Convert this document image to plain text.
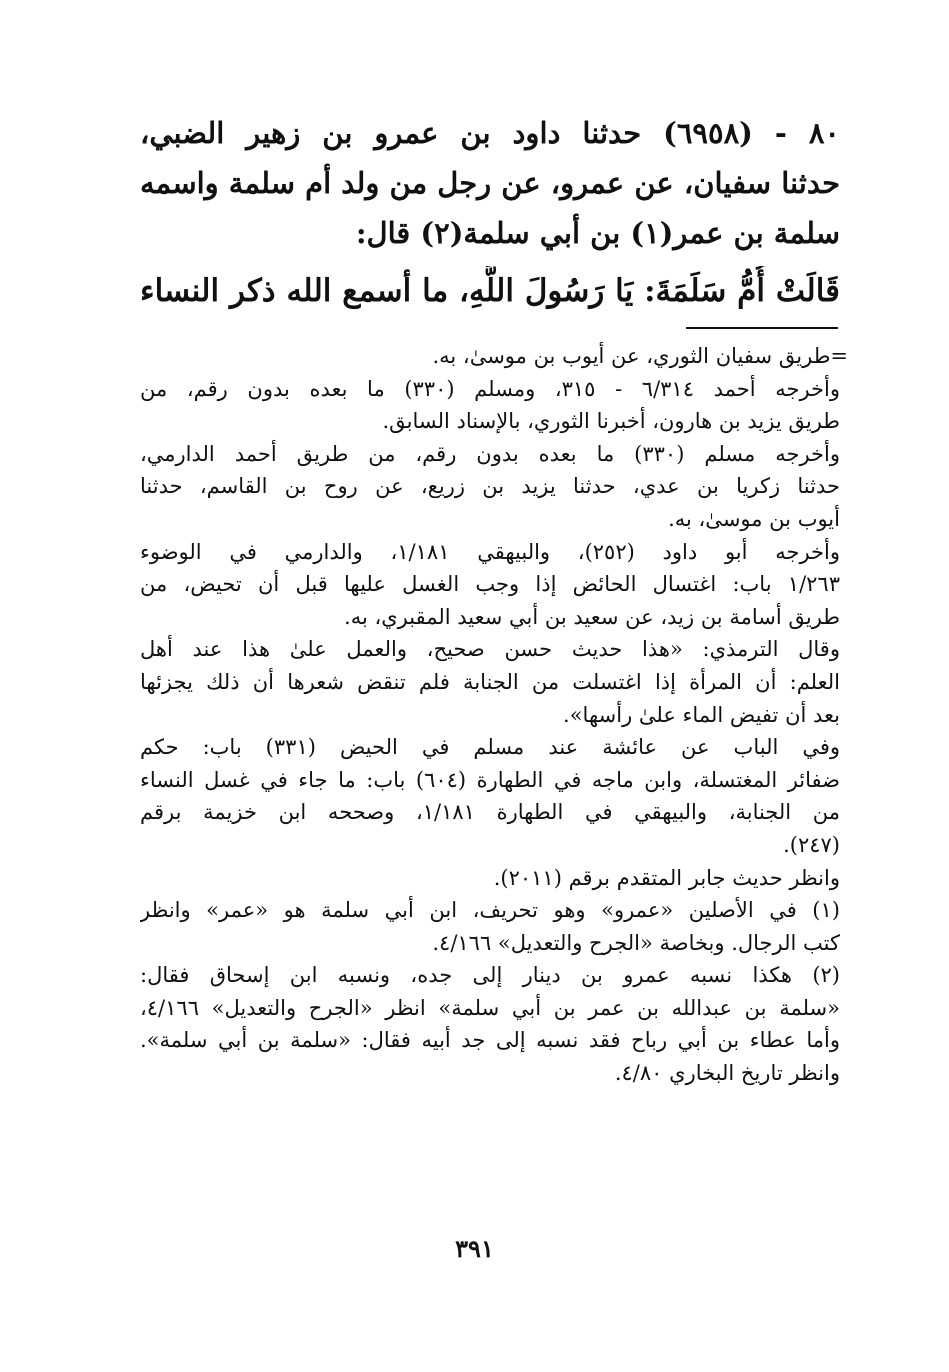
٨٠ - (٦٩٥٨) حدثنا داود بن عمرو بن زهير الضبي،
حدثنا سفيان، عن عمرو، عن رجل من ولد أم سلمة واسمه
سلمة بن عمر(١) بن أبي سلمة(٢) قال:
قَالَتْ أُمُّ سَلَمَةَ: يَا رَسُولَ اللَّهِ، ما أسمع الله ذكر النساء
=طريق سفيان الثوري، عن أيوب بن موسىٰ، به.
وأخرجه أحمد ٦/٣١٤ - ٣١٥، ومسلم (٣٣٠) ما بعده بدون رقم، من
طريق يزيد بن هارون، أخبرنا الثوري، بالإسناد السابق.
وأخرجه مسلم (٣٣٠) ما بعده بدون رقم، من طريق أحمد الدارمي،
حدثنا زكريا بن عدي، حدثنا يزيد بن زريع، عن روح بن القاسم، حدثنا
أيوب بن موسىٰ، به.
وأخرجه أبو داود (٢٥٢)، والبيهقي ١/١٨١، والدارمي في الوضوء
١/٢٦٣ باب: اغتسال الحائض إذا وجب الغسل عليها قبل أن تحيض، من
طريق أسامة بن زيد، عن سعيد بن أبي سعيد المقبري، به.
وقال الترمذي: «هذا حديث حسن صحيح، والعمل علىٰ هذا عند أهل
العلم: أن المرأة إذا اغتسلت من الجنابة فلم تنقض شعرها أن ذلك يجزئها
بعد أن تفيض الماء علىٰ رأسها».
وفي الباب عن عائشة عند مسلم في الحيض (٣٣١) باب: حكم
ضفائر المغتسلة، وابن ماجه في الطهارة (٦٠٤) باب: ما جاء في غسل النساء
من الجنابة، والبيهقي في الطهارة ١/١٨١، وصححه ابن خزيمة برقم
(٢٤٧).
وانظر حديث جابر المتقدم برقم (٢٠١١).
(١) في الأصلين «عمرو» وهو تحريف، ابن أبي سلمة هو «عمر» وانظر
كتب الرجال. وبخاصة «الجرح والتعديل» ٤/١٦٦.
(٢) هكذا نسبه عمرو بن دينار إلى جده، ونسبه ابن إسحاق فقال:
«سلمة بن عبدالله بن عمر بن أبي سلمة» انظر «الجرح والتعديل» ٤/١٦٦،
وأما عطاء بن أبي رباح فقد نسبه إلى جد أبيه فقال: «سلمة بن أبي سلمة».
وانظر تاريخ البخاري ٤/٨٠.
٣٩١
